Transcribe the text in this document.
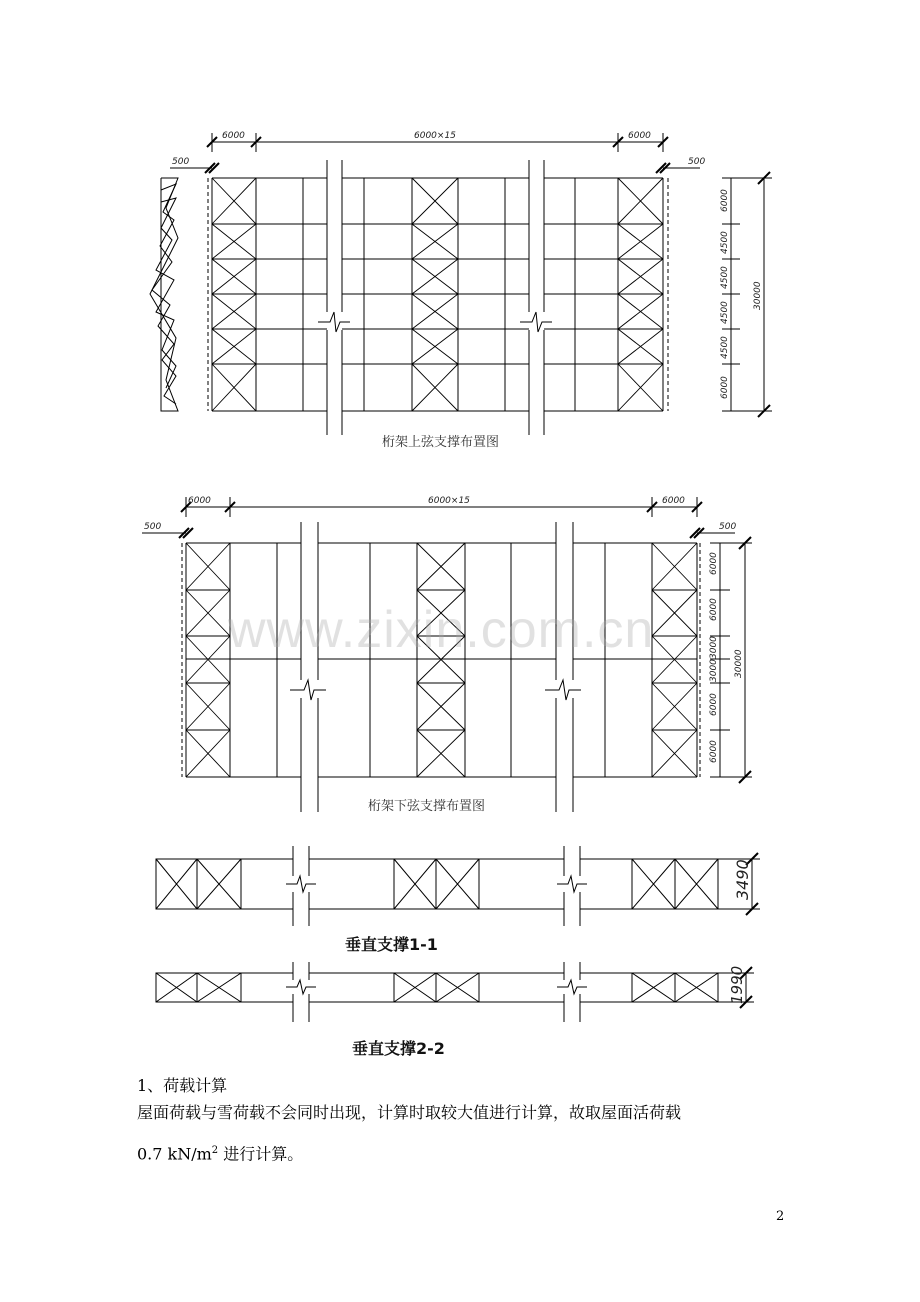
6000	6000×15	6000
500	500
6000
4500
4500
4500
4500
6000
30000
桁架上弦支撑布置图
6000	6000×15	6000
500	500
6000
6000
3000
3000
6000
6000
30000
桁架下弦支撑布置图
3490
垂直支撑1-1
1990
垂直支撑2-2
www.zixin.com.cn
1、荷载计算
屋面荷载与雪荷载不会同时出现，计算时取较大值进行计算，故取屋面活荷载
0.7 $kN/m^2$ 进行计算。
2
